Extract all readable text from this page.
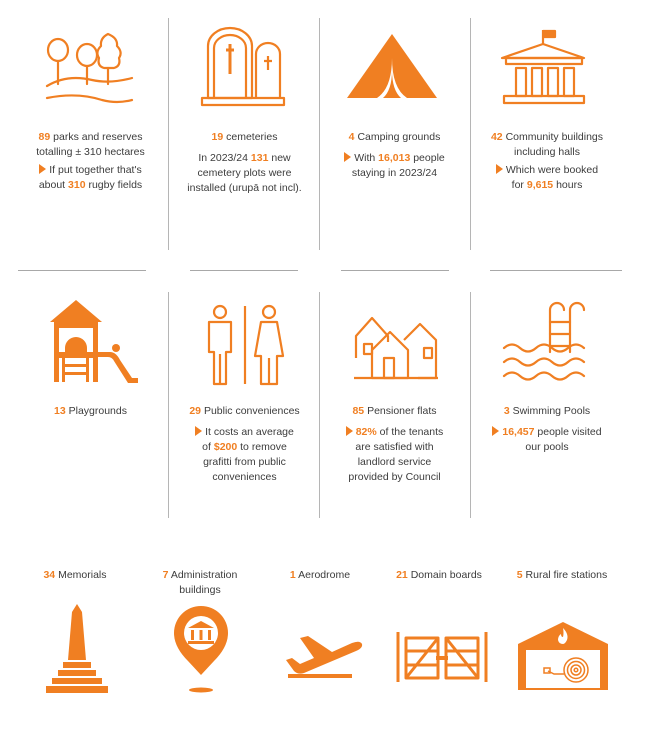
89 parks and reserves

totalling ± 310 hectares

If put together that's

about 310 rugby fields

19 cemeteries

In 2023/24 131 new

cemetery plots were

installed (urupā not incl).

4 Camping grounds

With 16,013 people

staying in 2023/24

42 Community buildings

including halls

Which were booked

for 9,615 hours

13 Playgrounds	29 Public conveniences

It costs an average

of $200 to remove

grafitti from public

conveniences

85 Pensioner flats

82% of the tenants

are satisfied with

landlord service

provided by Council

3 Swimming Pools

16,457 people visited

our pools

34 Memorials	7 Administration
buildings
1 Aerodrome	21 Domain boards	5 Rural fire stations
